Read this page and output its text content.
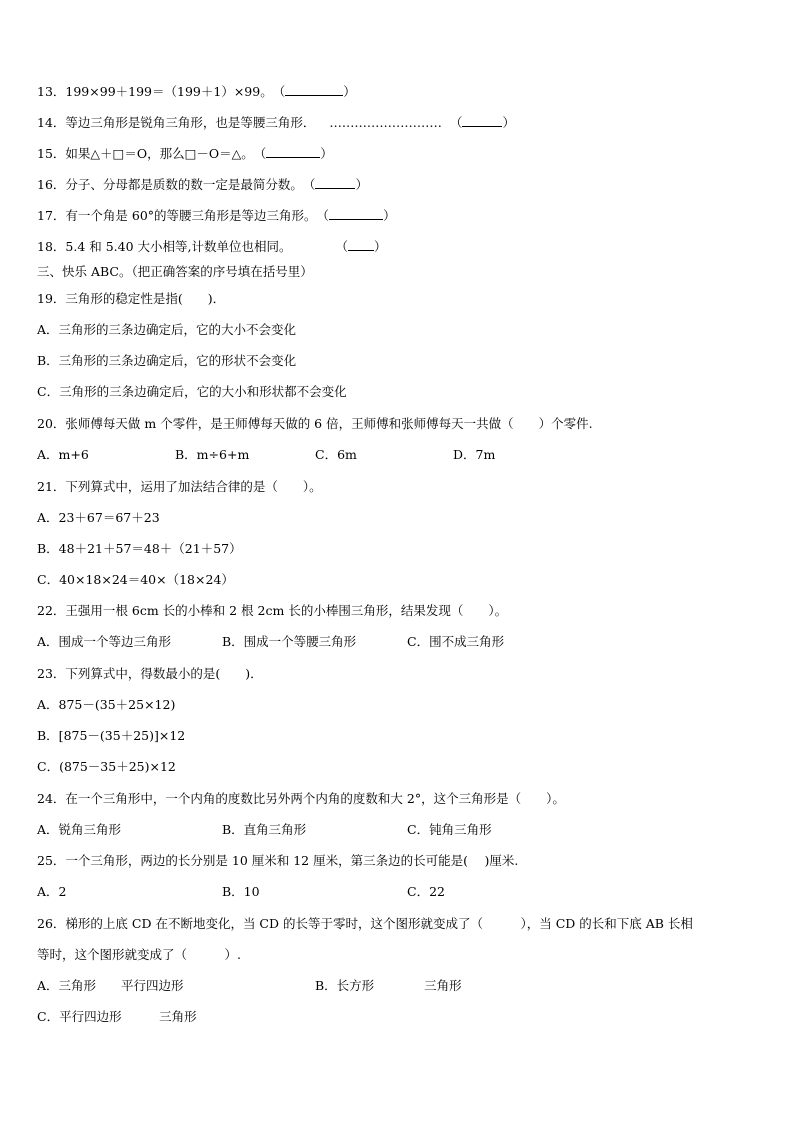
13．199×99＋199＝（199＋1）×99。（	）
14．等边三角形是锐角三角形，也是等腰三角形． ……………………… （	）
15．如果△＋□＝O，那么□－O＝△。（	）
16．分子、分母都是质数的数一定是最简分数。（	）
17．有一个角是 60°的等腰三角形是等边三角形。（	）
18．5.4 和 5.40 大小相等,计数单位也相同。	（ ）
三、快乐 ABC。（把正确答案的序号填在括号里）
19．三角形的稳定性是指(　　)．
A．三角形的三条边确定后，它的大小不会变化
B．三角形的三条边确定后，它的形状不会变化
C．三角形的三条边确定后，它的大小和形状都不会变化
20．张师傅每天做 m 个零件，是王师傅每天做的 6 倍，王师傅和张师傅每天一共做（　　）个零件.
A．m+6	B．m÷6+m	C．6m	D．7m
21．下列算式中，运用了加法结合律的是（　　）。
A．23＋67＝67＋23
B．48＋21＋57＝48＋（21＋57）
C．40×18×24＝40×（18×24）
22．王强用一根 6cm 长的小棒和 2 根 2cm 长的小棒围三角形，结果发现（　　）。
A．围成一个等边三角形	B．围成一个等腰三角形	C．围不成三角形
23．下列算式中，得数最小的是(　　)．
A．875－(35＋25×12)
B．[875－(35＋25)]×12
C．(875－35＋25)×12
24．在一个三角形中，一个内角的度数比另外两个内角的度数和大 2°，这个三角形是（　　）。
A．锐角三角形	B．直角三角形	C．钝角三角形
25．一个三角形，两边的长分别是 10 厘米和 12 厘米，第三条边的长可能是(　 )厘米.
A．2	B．10	C．22
26．梯形的上底 CD 在不断地变化，当 CD 的长等于零时，这个图形就变成了（　　　），当 CD 的长和下底 AB 长相
等时，这个图形就变成了（　　　）.
A．三角形　　平行四边形	B．长方形　　　　三角形
C．平行四边形　　　三角形
